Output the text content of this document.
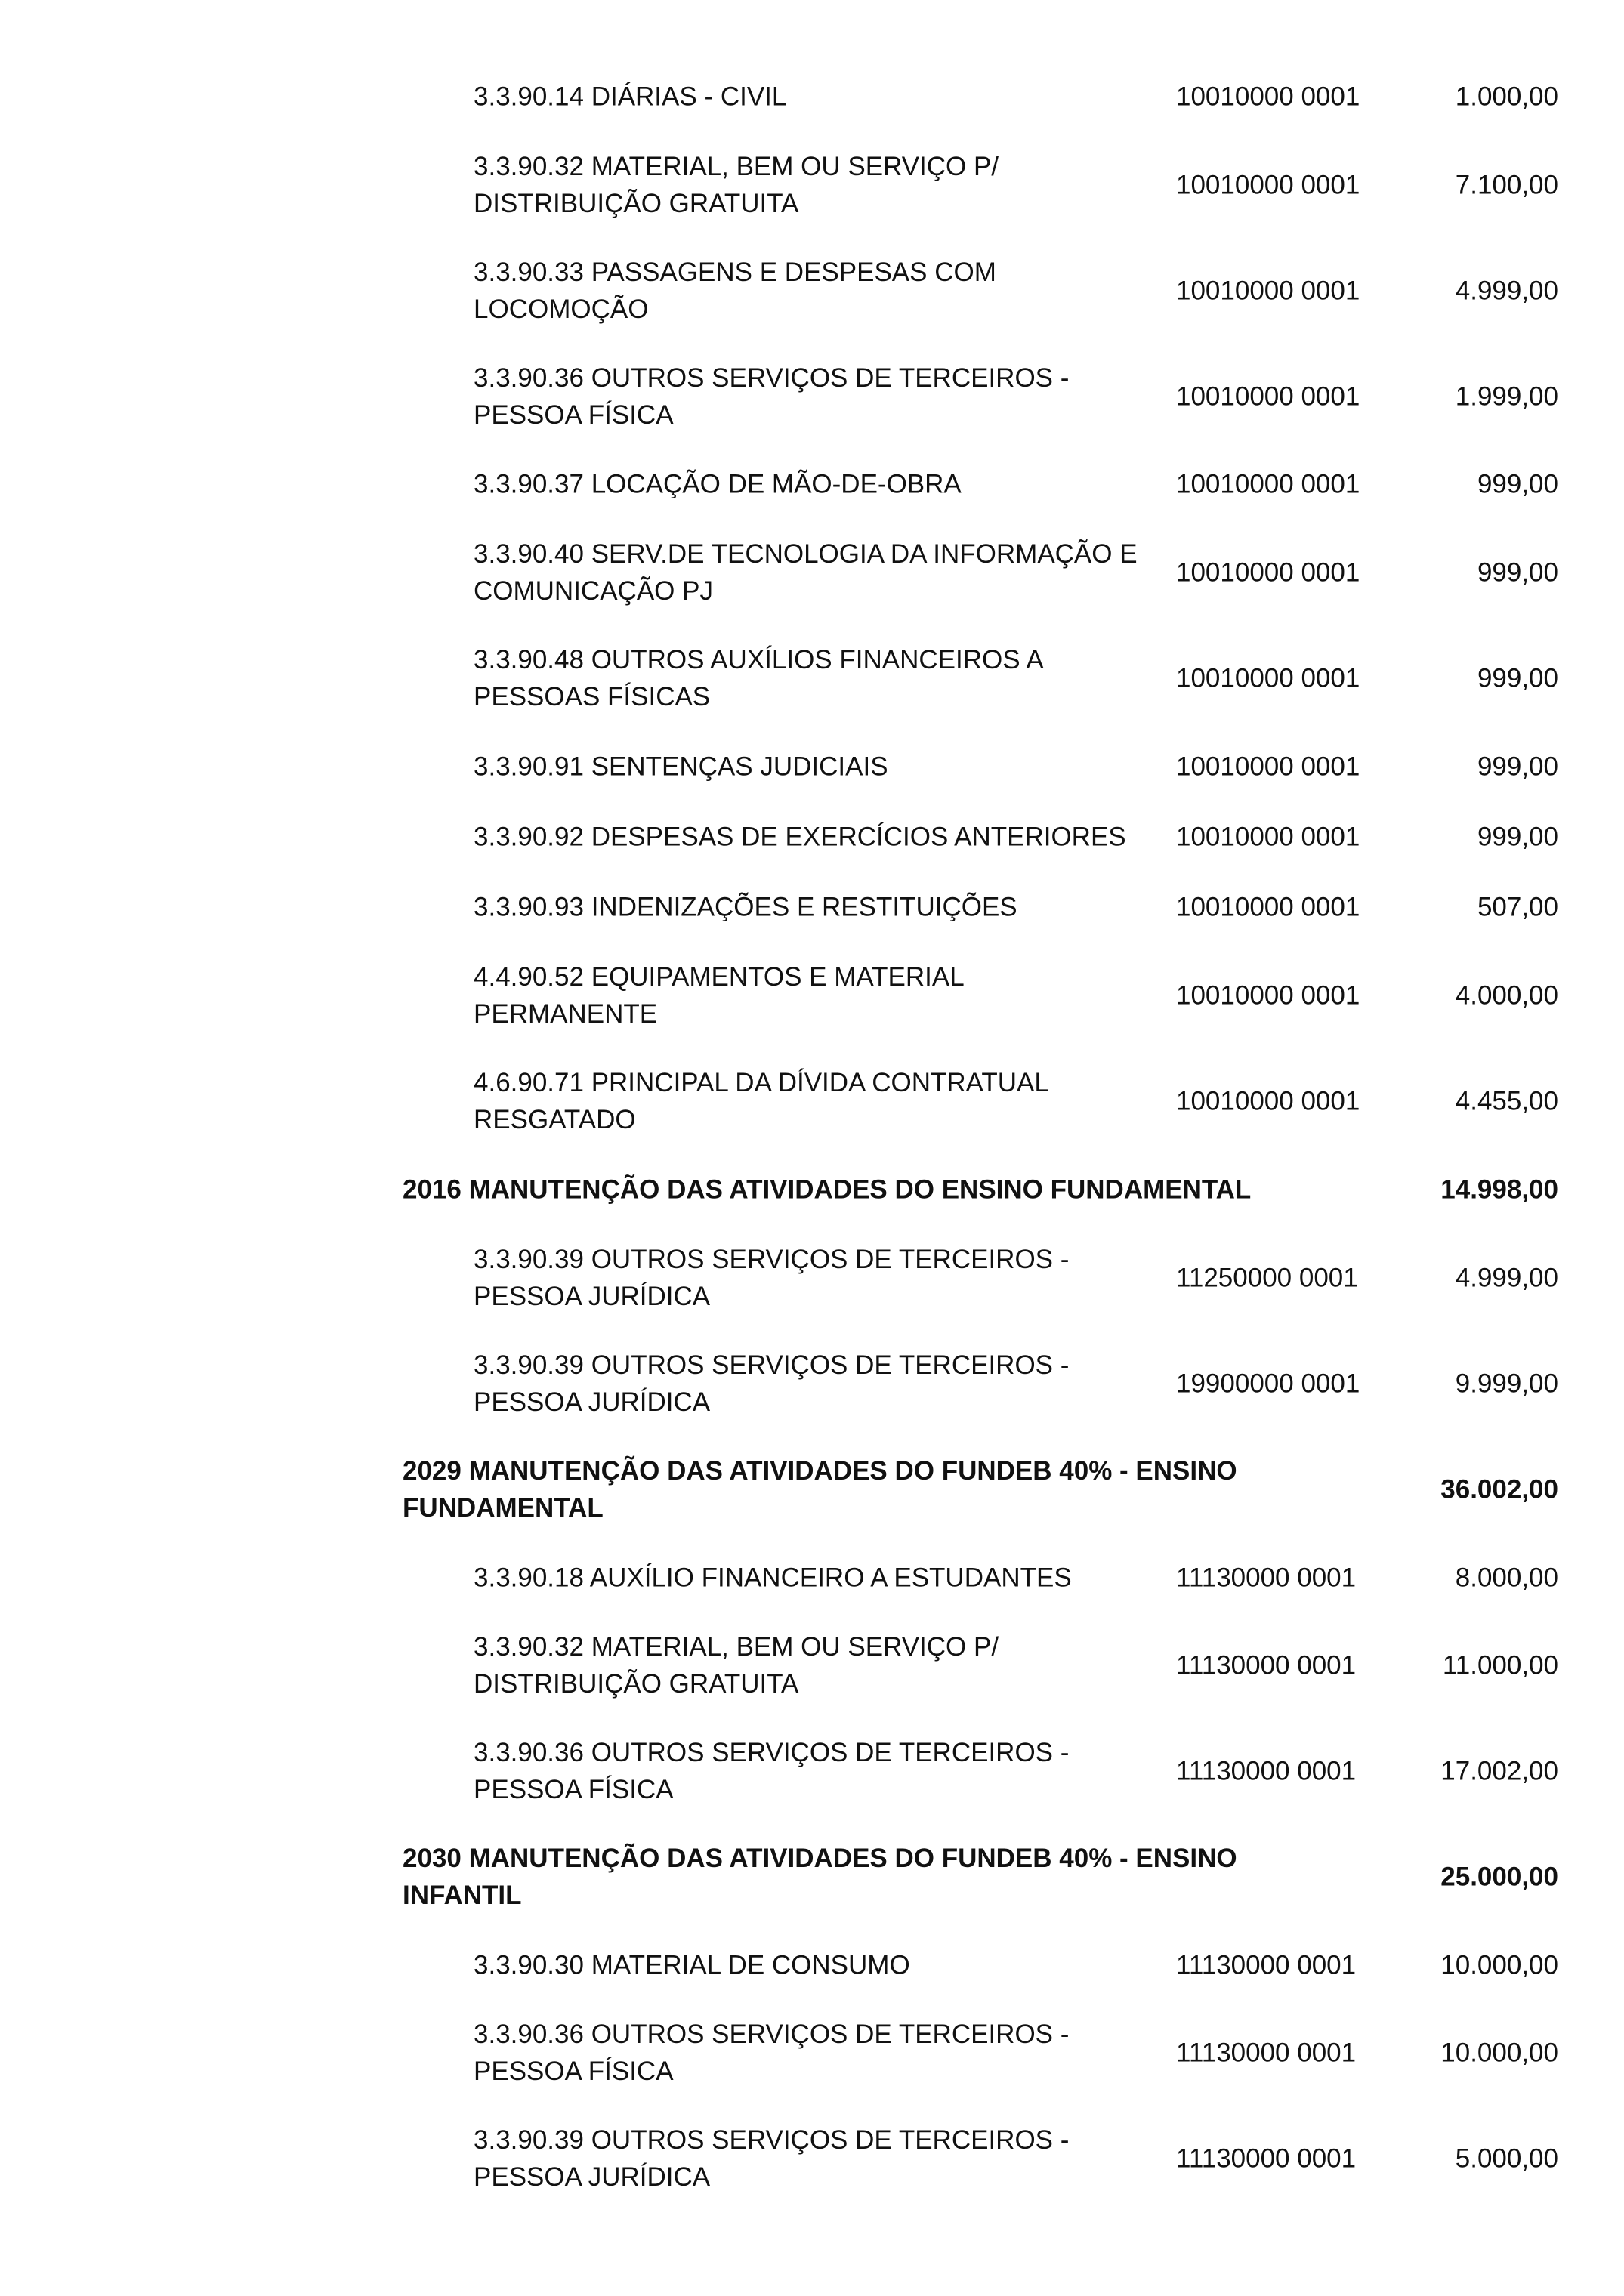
3.3.90.14 DIÁRIAS - CIVIL	10010000 0001	1.000,00
3.3.90.32 MATERIAL, BEM OU SERVIÇO P/
DISTRIBUIÇÃO GRATUITA
10010000 0001	7.100,00
3.3.90.33 PASSAGENS E DESPESAS COM
LOCOMOÇÃO
10010000 0001	4.999,00
3.3.90.36 OUTROS SERVIÇOS DE TERCEIROS -
PESSOA FÍSICA
10010000 0001	1.999,00
3.3.90.37 LOCAÇÃO DE MÃO-DE-OBRA	10010000 0001	999,00
3.3.90.40 SERV.DE TECNOLOGIA DA INFORMAÇÃO E
COMUNICAÇÃO PJ
10010000 0001	999,00
3.3.90.48 OUTROS AUXÍLIOS FINANCEIROS A
PESSOAS FÍSICAS
10010000 0001	999,00
3.3.90.91 SENTENÇAS JUDICIAIS	10010000 0001	999,00
3.3.90.92 DESPESAS DE EXERCÍCIOS ANTERIORES	10010000 0001	999,00
3.3.90.93 INDENIZAÇÕES E RESTITUIÇÕES	10010000 0001	507,00
4.4.90.52 EQUIPAMENTOS E MATERIAL
PERMANENTE
10010000 0001	4.000,00
4.6.90.71 PRINCIPAL DA DÍVIDA CONTRATUAL
RESGATADO
10010000 0001	4.455,00
2016 MANUTENÇÃO DAS ATIVIDADES DO ENSINO FUNDAMENTAL	14.998,00
3.3.90.39 OUTROS SERVIÇOS DE TERCEIROS -
PESSOA JURÍDICA
11250000 0001	4.999,00
3.3.90.39 OUTROS SERVIÇOS DE TERCEIROS -
PESSOA JURÍDICA
19900000 0001	9.999,00
2029 MANUTENÇÃO DAS ATIVIDADES DO FUNDEB 40% - ENSINO
FUNDAMENTAL
36.002,00
3.3.90.18 AUXÍLIO FINANCEIRO A ESTUDANTES	11130000 0001	8.000,00
3.3.90.32 MATERIAL, BEM OU SERVIÇO P/
DISTRIBUIÇÃO GRATUITA
11130000 0001	11.000,00
3.3.90.36 OUTROS SERVIÇOS DE TERCEIROS -
PESSOA FÍSICA
11130000 0001	17.002,00
2030 MANUTENÇÃO DAS ATIVIDADES DO FUNDEB 40% - ENSINO
INFANTIL
25.000,00
3.3.90.30 MATERIAL DE CONSUMO	11130000 0001	10.000,00
3.3.90.36 OUTROS SERVIÇOS DE TERCEIROS -
PESSOA FÍSICA
11130000 0001	10.000,00
3.3.90.39 OUTROS SERVIÇOS DE TERCEIROS -
PESSOA JURÍDICA
11130000 0001	5.000,00
